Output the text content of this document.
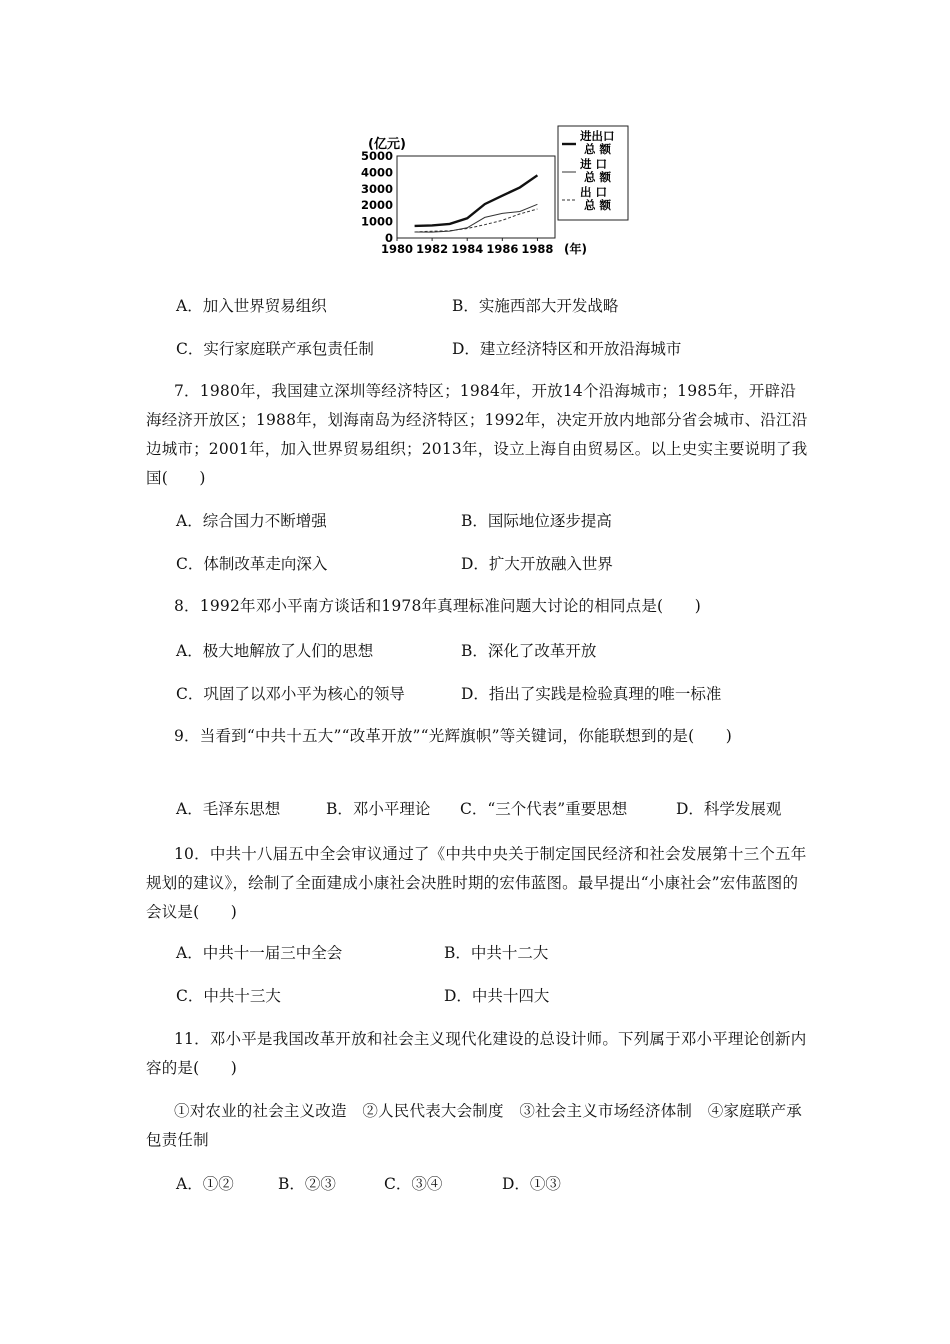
(亿元)
5000
4000
3000
2000
1000
0
1980 1982 1984 1986 1988 (年)
进出口
总 额
进 口
总 额
出 口
总 额
A．加入世界贸易组织	B．实施西部大开发战略
C．实行家庭联产承包责任制	D．建立经济特区和开放沿海城市
7．1980年，我国建立深圳等经济特区；1984年，开放14个沿海城市；1985年，开辟沿海经济开放区；1988年，划海南岛为经济特区；1992年，决定开放内地部分省会城市、沿江沿边城市；2001年，加入世界贸易组织；2013年，设立上海自由贸易区。以上史实主要说明了我国(　　)
A．综合国力不断增强	B．国际地位逐步提高
C．体制改革走向深入	D．扩大开放融入世界
8．1992年邓小平南方谈话和1978年真理标准问题大讨论的相同点是(　　)
A．极大地解放了人们的思想	B．深化了改革开放
C．巩固了以邓小平为核心的领导	D．指出了实践是检验真理的唯一标准
9．当看到“中共十五大”“改革开放”“光辉旗帜”等关键词，你能联想到的是(　　)
A．毛泽东思想	B．邓小平理论 C．“三个代表”重要思想	D．科学发展观
10．中共十八届五中全会审议通过了《中共中央关于制定国民经济和社会发展第十三个五年规划的建议》，绘制了全面建成小康社会决胜时期的宏伟蓝图。最早提出“小康社会”宏伟蓝图的会议是(　　)
A．中共十一届三中全会	B．中共十二大
C．中共十三大	D．中共十四大
11．邓小平是我国改革开放和社会主义现代化建设的总设计师。下列属于邓小平理论创新内容的是(　　)
①对农业的社会主义改造　②人民代表大会制度　③社会主义市场经济体制　④家庭联产承包责任制
A．①②	B．②③	C．③④	D．①③
